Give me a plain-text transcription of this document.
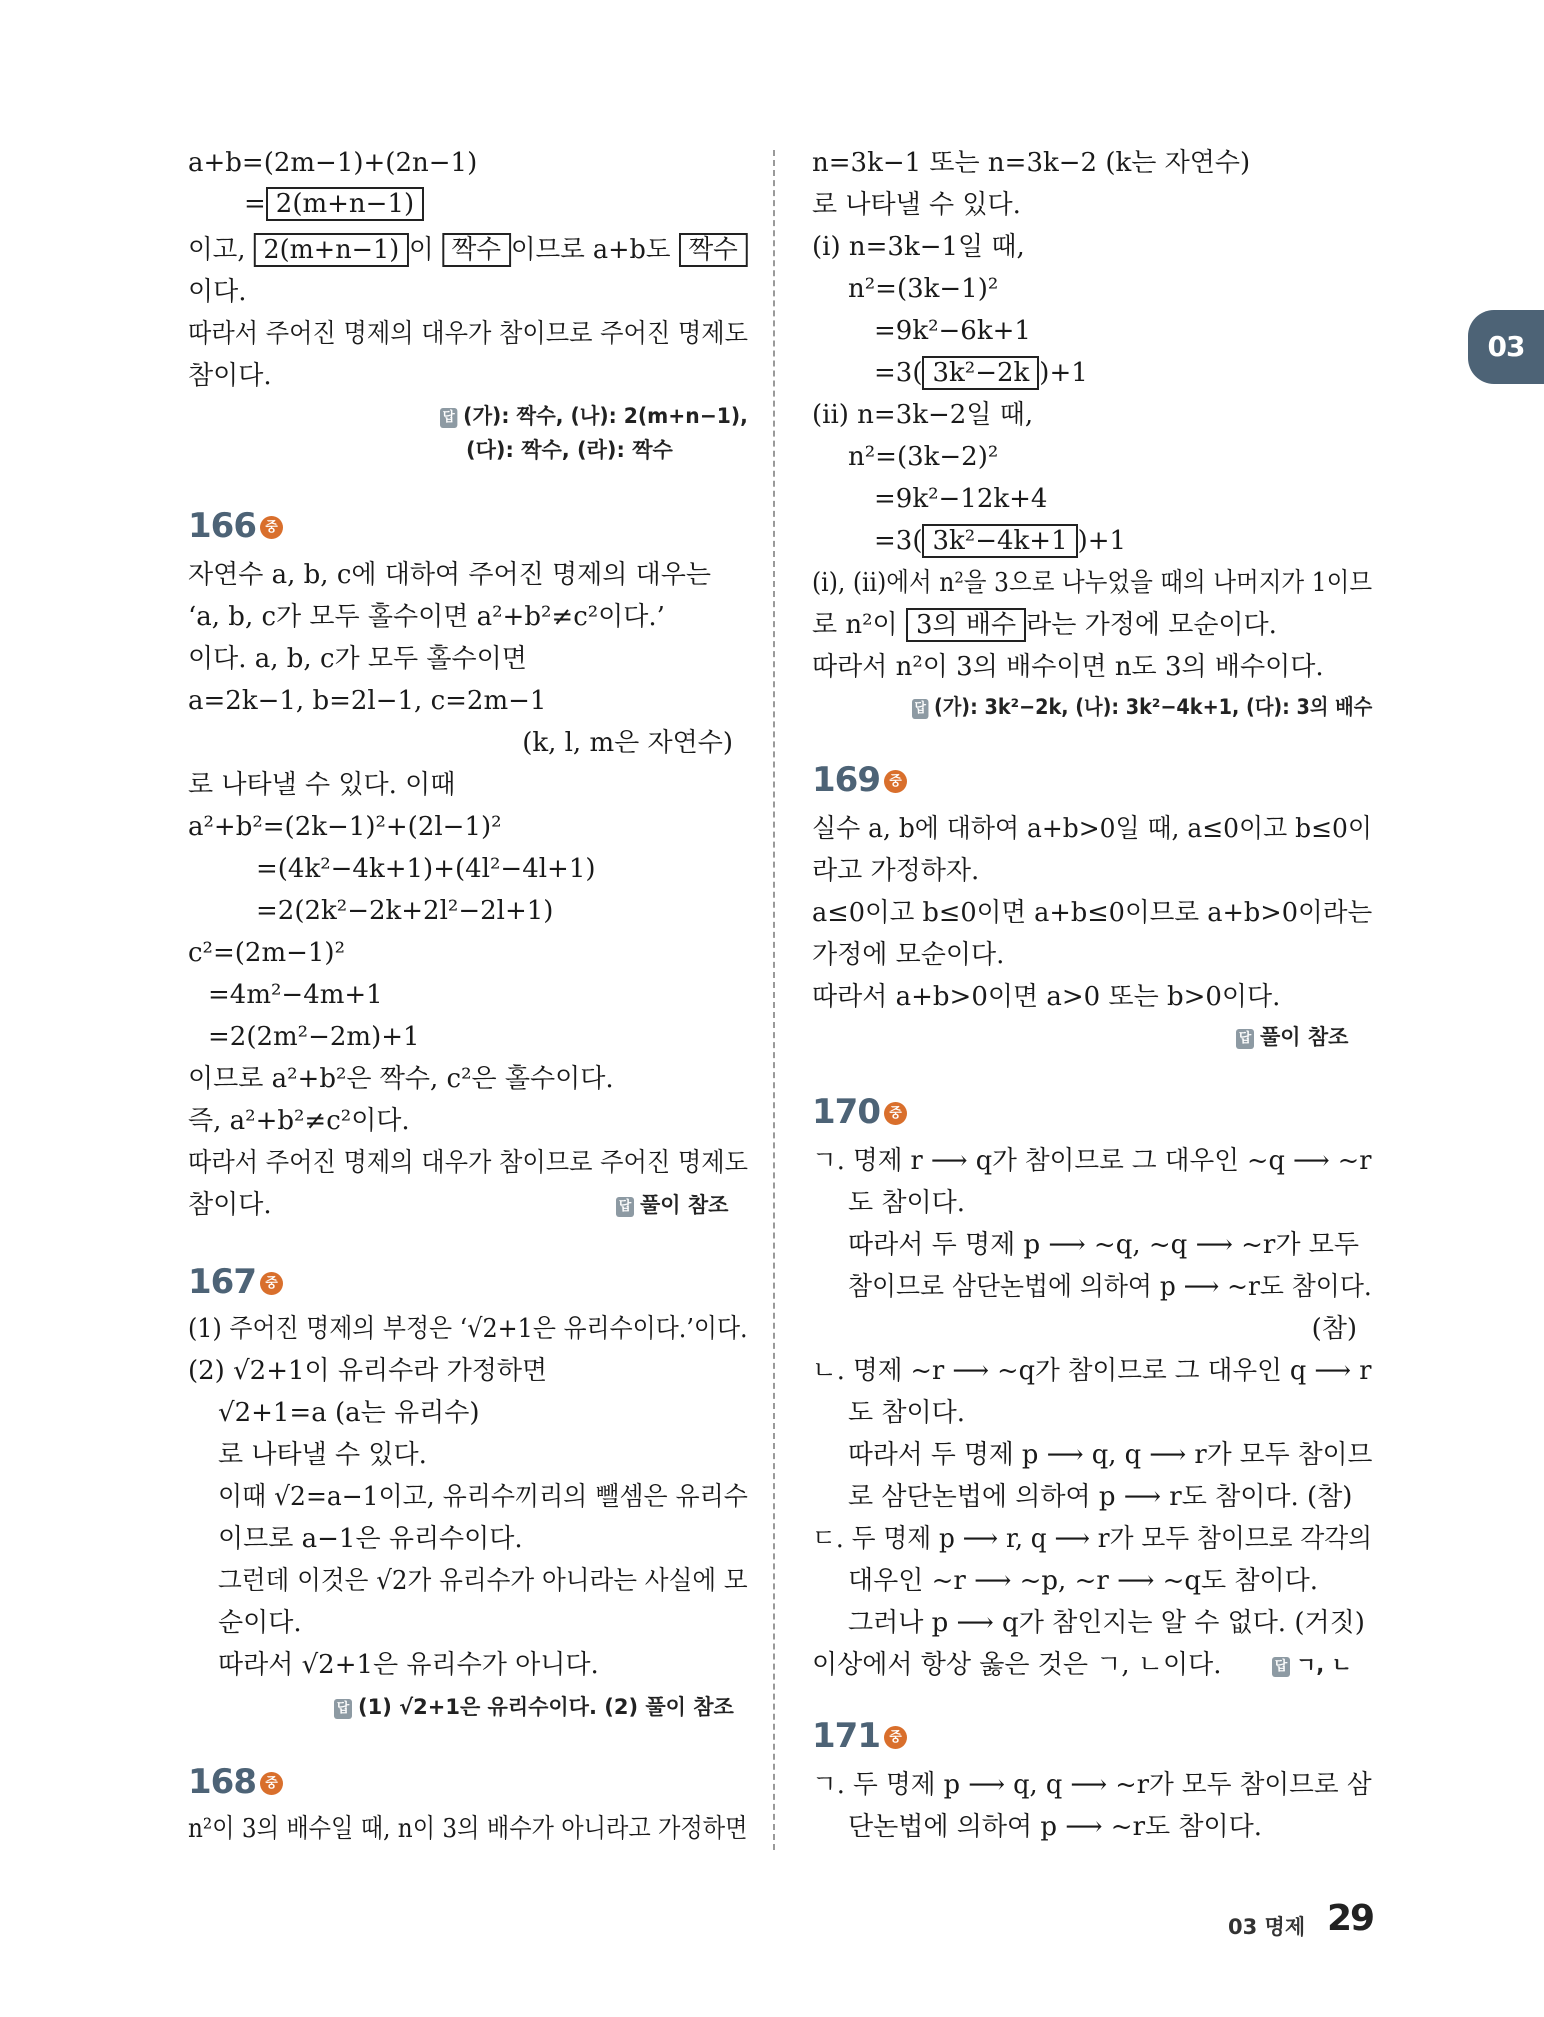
03
a+b=(2m−1)+(2n−1)
= 2(m+n−1)
이고, 2(m+n−1) 이 짝수 이므로 a+b도 짝수
이다.
따라서 주어진 명제의 대우가 참이므로 주어진 명제도
참이다.
답 (가): 짝수, (나): 2(m+n−1),
(다): 짝수, (라): 짝수
166 중
자연수 a, b, c에 대하여 주어진 명제의 대우는
‘a, b, c가 모두 홀수이면 a²+b²≠c²이다.’
이다. a, b, c가 모두 홀수이면
a=2k−1, b=2l−1, c=2m−1
(k, l, m은 자연수)
로 나타낼 수 있다. 이때
a²+b²=(2k−1)²+(2l−1)²
=(4k²−4k+1)+(4l²−4l+1)
=2(2k²−2k+2l²−2l+1)
c²=(2m−1)²
=4m²−4m+1
=2(2m²−2m)+1
이므로 a²+b²은 짝수, c²은 홀수이다.
즉, a²+b²≠c²이다.
따라서 주어진 명제의 대우가 참이므로 주어진 명제도
참이다.	답 풀이 참조
167 중
(1) 주어진 명제의 부정은 ‘√2+1은 유리수이다.’이다.
(2) √2+1이 유리수라 가정하면
√2+1=a (a는 유리수)
로 나타낼 수 있다.
이때 √2=a−1이고, 유리수끼리의 뺄셈은 유리수
이므로 a−1은 유리수이다.
그런데 이것은 √2가 유리수가 아니라는 사실에 모
순이다.
따라서 √2+1은 유리수가 아니다.
답 (1) √2+1은 유리수이다. (2) 풀이 참조
168 중
n²이 3의 배수일 때, n이 3의 배수가 아니라고 가정하면
n=3k−1 또는 n=3k−2 (k는 자연수)
로 나타낼 수 있다.
(i) n=3k−1일 때,
n²=(3k−1)²
=9k²−6k+1
=3( 3k²−2k )+1
(ii) n=3k−2일 때,
n²=(3k−2)²
=9k²−12k+4
=3( 3k²−4k+1 )+1
(i), (ii)에서 n²을 3으로 나누었을 때의 나머지가 1이므
로 n²이 3의 배수 라는 가정에 모순이다.
따라서 n²이 3의 배수이면 n도 3의 배수이다.
답 (가): 3k²−2k, (나): 3k²−4k+1, (다): 3의 배수
169 중
실수 a, b에 대하여 a+b>0일 때, a≤0이고 b≤0이
라고 가정하자.
a≤0이고 b≤0이면 a+b≤0이므로 a+b>0이라는
가정에 모순이다.
따라서 a+b>0이면 a>0 또는 b>0이다.
답 풀이 참조
170 중
ㄱ. 명제 r ⟶ q가 참이므로 그 대우인 ~q ⟶ ~r
도 참이다.
따라서 두 명제 p ⟶ ~q, ~q ⟶ ~r가 모두
참이므로 삼단논법에 의하여 p ⟶ ~r도 참이다.
(참)
ㄴ. 명제 ~r ⟶ ~q가 참이므로 그 대우인 q ⟶ r
도 참이다.
따라서 두 명제 p ⟶ q, q ⟶ r가 모두 참이므
로 삼단논법에 의하여 p ⟶ r도 참이다. (참)
ㄷ. 두 명제 p ⟶ r, q ⟶ r가 모두 참이므로 각각의
대우인 ~r ⟶ ~p, ~r ⟶ ~q도 참이다.
그러나 p ⟶ q가 참인지는 알 수 없다. (거짓)
이상에서 항상 옳은 것은 ㄱ, ㄴ이다.	답 ㄱ, ㄴ
171 중
ㄱ. 두 명제 p ⟶ q, q ⟶ ~r가 모두 참이므로 삼
단논법에 의하여 p ⟶ ~r도 참이다.
03 명제 29
